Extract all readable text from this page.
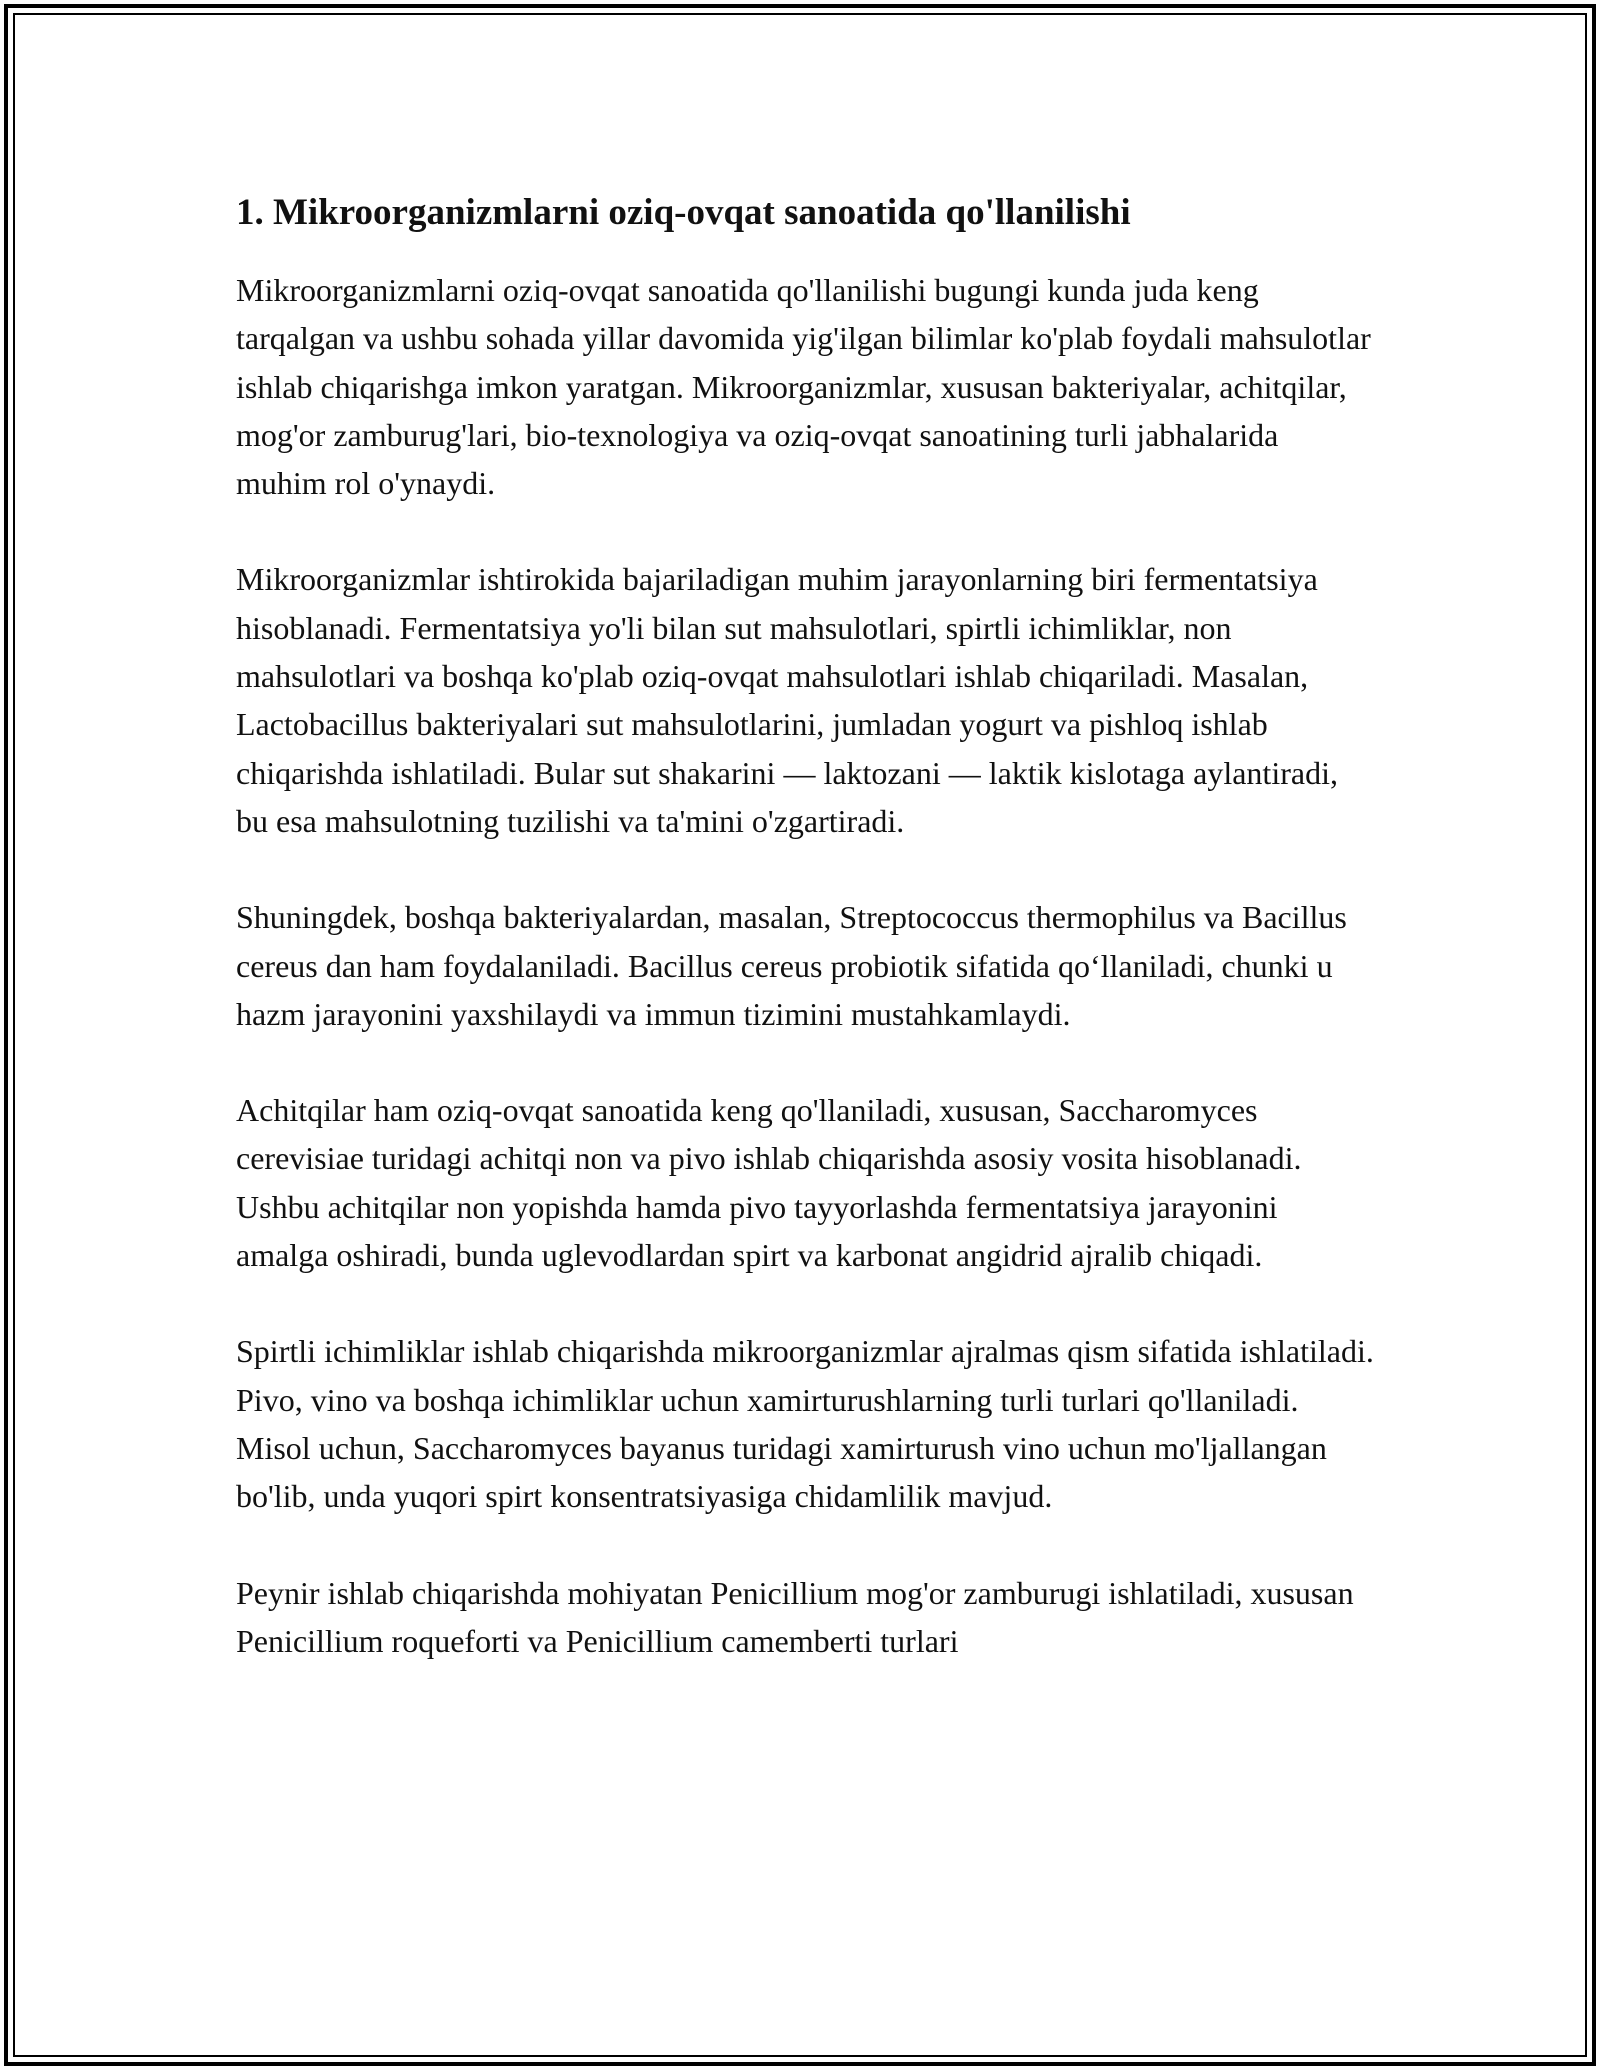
1. Mikroorganizmlarni oziq-ovqat sanoatida qo'llanilishi

Mikroorganizmlarni oziq-ovqat sanoatida qo'llanilishi bugungi kunda juda keng tarqalgan va ushbu sohada yillar davomida yig'ilgan bilimlar ko'plab foydali mahsulotlar ishlab chiqarishga imkon yaratgan. Mikroorganizmlar, xususan bakteriyalar, achitqilar, mog'or zamburug'lari, bio-texnologiya va oziq-ovqat sanoatining turli jabhalarida muhim rol o'ynaydi.

Mikroorganizmlar ishtirokida bajariladigan muhim jarayonlarning biri fermentatsiya hisoblanadi. Fermentatsiya yo'li bilan sut mahsulotlari, spirtli ichimliklar, non mahsulotlari va boshqa ko'plab oziq-ovqat mahsulotlari ishlab chiqariladi. Masalan, Lactobacillus bakteriyalari sut mahsulotlarini, jumladan yogurt va pishloq ishlab chiqarishda ishlatiladi. Bular sut shakarini — laktozani — laktik kislotaga aylantiradi, bu esa mahsulotning tuzilishi va ta'mini o'zgartiradi.

Shuningdek, boshqa bakteriyalardan, masalan, Streptococcus thermophilus va Bacillus cereus dan ham foydalaniladi. Bacillus cereus probiotik sifatida qo‘llaniladi, chunki u hazm jarayonini yaxshilaydi va immun tizimini mustahkamlaydi.

Achitqilar ham oziq-ovqat sanoatida keng qo'llaniladi, xususan, Saccharomyces cerevisiae turidagi achitqi non va pivo ishlab chiqarishda asosiy vosita hisoblanadi. Ushbu achitqilar non yopishda hamda pivo tayyorlashda fermentatsiya jarayonini amalga oshiradi, bunda uglevodlardan spirt va karbonat angidrid ajralib chiqadi.

Spirtli ichimliklar ishlab chiqarishda mikroorganizmlar ajralmas qism sifatida ishlatiladi. Pivo, vino va boshqa ichimliklar uchun xamirturushlarning turli turlari qo'llaniladi. Misol uchun, Saccharomyces bayanus turidagi xamirturush vino uchun mo'ljallangan bo'lib, unda yuqori spirt konsentratsiyasiga chidamlilik mavjud.

Peynir ishlab chiqarishda mohiyatan Penicillium mog'or zamburugi ishlatiladi, xususan Penicillium roqueforti va Penicillium camemberti turlari
